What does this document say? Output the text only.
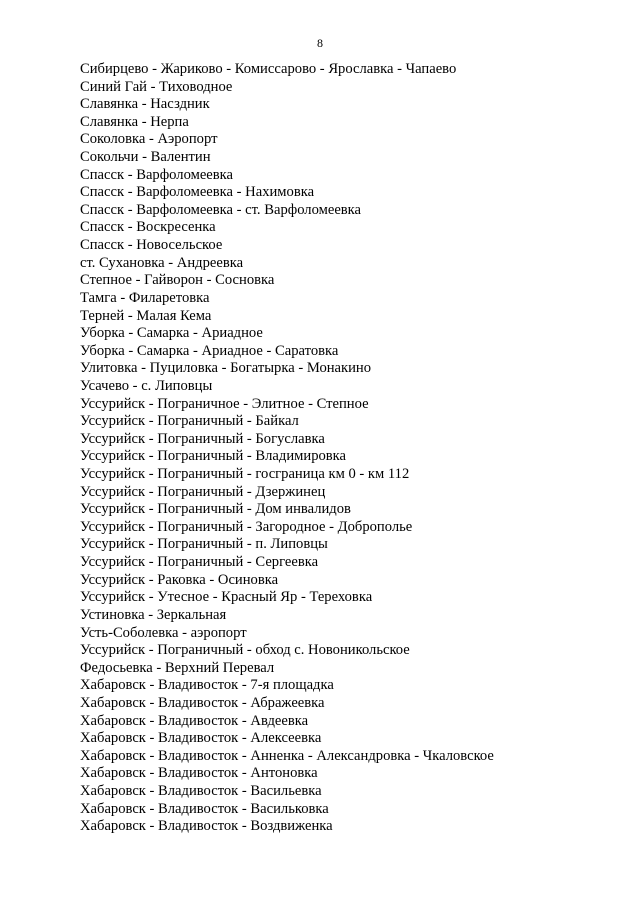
8
Сибирцево - Жариково - Комиссарово - Ярославка - Чапаево
Синий Гай - Тиховодное
Славянка - Насздник
Славянка - Нерпа
Соколовка - Аэропорт
Сокольчи - Валентин
Спасск - Варфоломеевка
Спасск - Варфоломеевка - Нахимовка
Спасск - Варфоломеевка - ст. Варфоломеевка
Спасск - Воскресенка
Спасск - Новосельское
ст. Сухановка - Андреевка
Степное - Гайворон - Сосновка
Тамга - Филаретовка
Терней - Малая Кема
Уборка - Самарка - Ариадное
Уборка - Самарка - Ариадное - Саратовка
Улитовка - Пуциловка - Богатырка - Монакино
Усачево - с. Липовцы
Уссурийск - Пограничное - Элитное - Степное
Уссурийск - Пограничный - Байкал
Уссурийск - Пограничный - Богуславка
Уссурийск - Пограничный - Владимировка
Уссурийск - Пограничный - госграница км 0 - км 112
Уссурийск - Пограничный - Дзержинец
Уссурийск - Пограничный - Дом инвалидов
Уссурийск - Пограничный - Загородное - Доброполье
Уссурийск - Пограничный - п. Липовцы
Уссурийск - Пограничный - Сергеевка
Уссурийск - Раковка - Осиновка
Уссурийск - Утесное - Красный Яр - Тереховка
Устиновка - Зеркальная
Усть-Соболевка - аэропорт
Уссурийск - Пограничный - обход с. Новоникольское
Федосьевка - Верхний Перевал
Хабаровск - Владивосток - 7-я площадка
Хабаровск - Владивосток - Абражеевка
Хабаровск - Владивосток - Авдеевка
Хабаровск - Владивосток - Алексеевка
Хабаровск - Владивосток - Анненка - Александровка - Чкаловское
Хабаровск - Владивосток - Антоновка
Хабаровск - Владивосток - Васильевка
Хабаровск - Владивосток - Васильковка
Хабаровск - Владивосток - Воздвиженка
